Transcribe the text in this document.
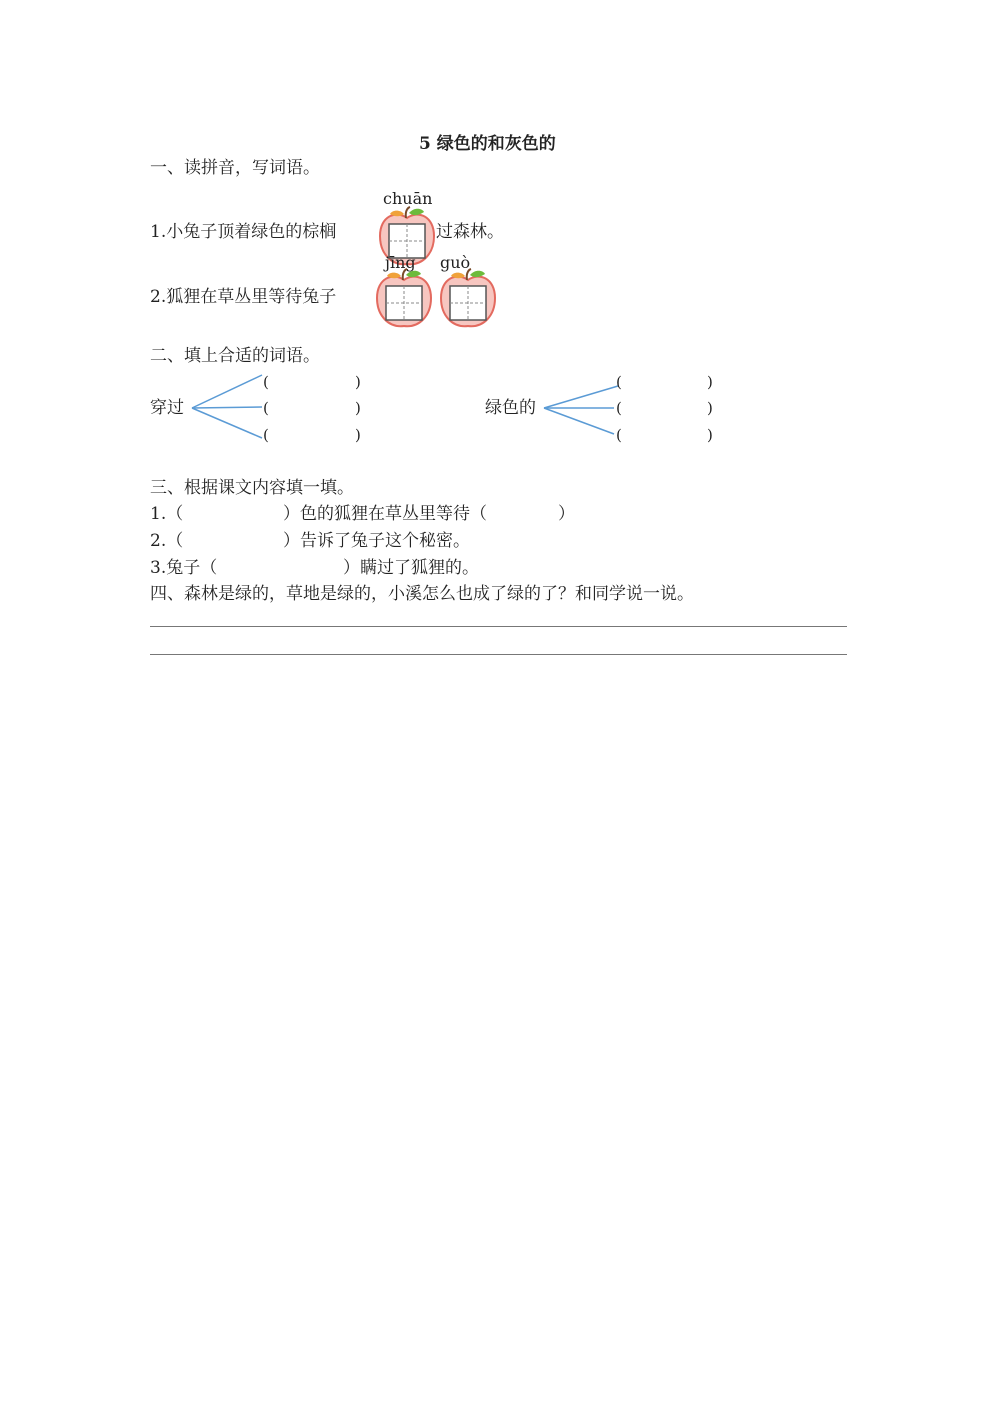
5 绿色的和灰色的
一、读拼音，写词语。
chuān
1.小兔子顶着绿色的棕榈	过森林。
jīng guò
2.狐狸在草丛里等待兔子
二、填上合适的词语。
穿过	绿色的
(	)
(	)
(	)
(	)
(	)
(	)
三、根据课文内容填一填。
1.（	）色的狐狸在草丛里等待（	）
2.（	）告诉了兔子这个秘密。
3.兔子（	）瞒过了狐狸的。
四、森林是绿的，草地是绿的，小溪怎么也成了绿的了？和同学说一说。
